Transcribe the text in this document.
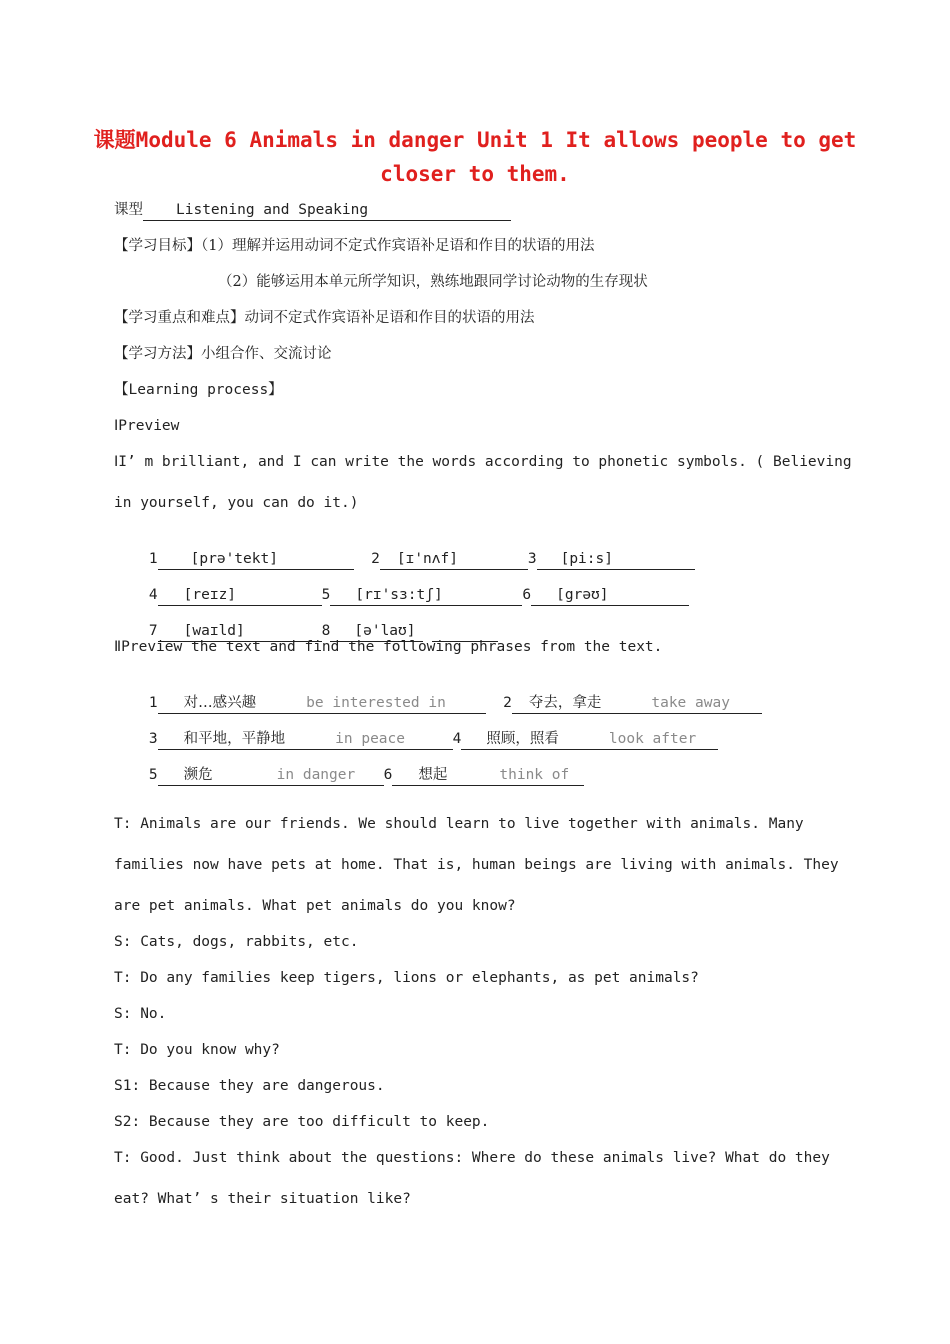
课题Module 6 Animals in danger Unit 1 It allows people to get
closer to them.
课型 Listening and Speaking
【学习目标】（1）理解并运用动词不定式作宾语补足语和作目的状语的用法
（2）能够运用本单元所学知识，熟练地跟同学讨论动物的生存现状
【学习重点和难点】动词不定式作宾语补足语和作目的状语的用法
【学习方法】小组合作、交流讨论
【Learning process】
ⅠPreview
ⅠI’ m brilliant, and I can write the words according to phonetic symbols. ( Believing
in yourself, you can do it.)

1 [prə'tekt]	2 [ɪ'nʌf]	3 [pi:s]

4 [reɪz]	5 [rɪ'sɜ:tʃ]	6 [grəʊ]

7 [waɪld]	8 [ə'laʊ]

ⅡPreview the text and find the following phrases from the text.

1 对…感兴趣	be interested in	2 夺去，拿走	take away

3 和平地，平静地	in peace	4 照顾，照看	look after

5 濒危	in danger 6 想起	think of

T: Animals are our friends. We should learn to live together with animals. Many
families now have pets at home. That is, human beings are living with animals. They
are pet animals. What pet animals do you know?
S: Cats, dogs, rabbits, etc.
T: Do any families keep tigers, lions or elephants, as pet animals?
S: No.
T: Do you know why?
S1: Because they are dangerous.
S2: Because they are too difficult to keep.
T: Good. Just think about the questions: Where do these animals live? What do they
eat? What’ s their situation like?
